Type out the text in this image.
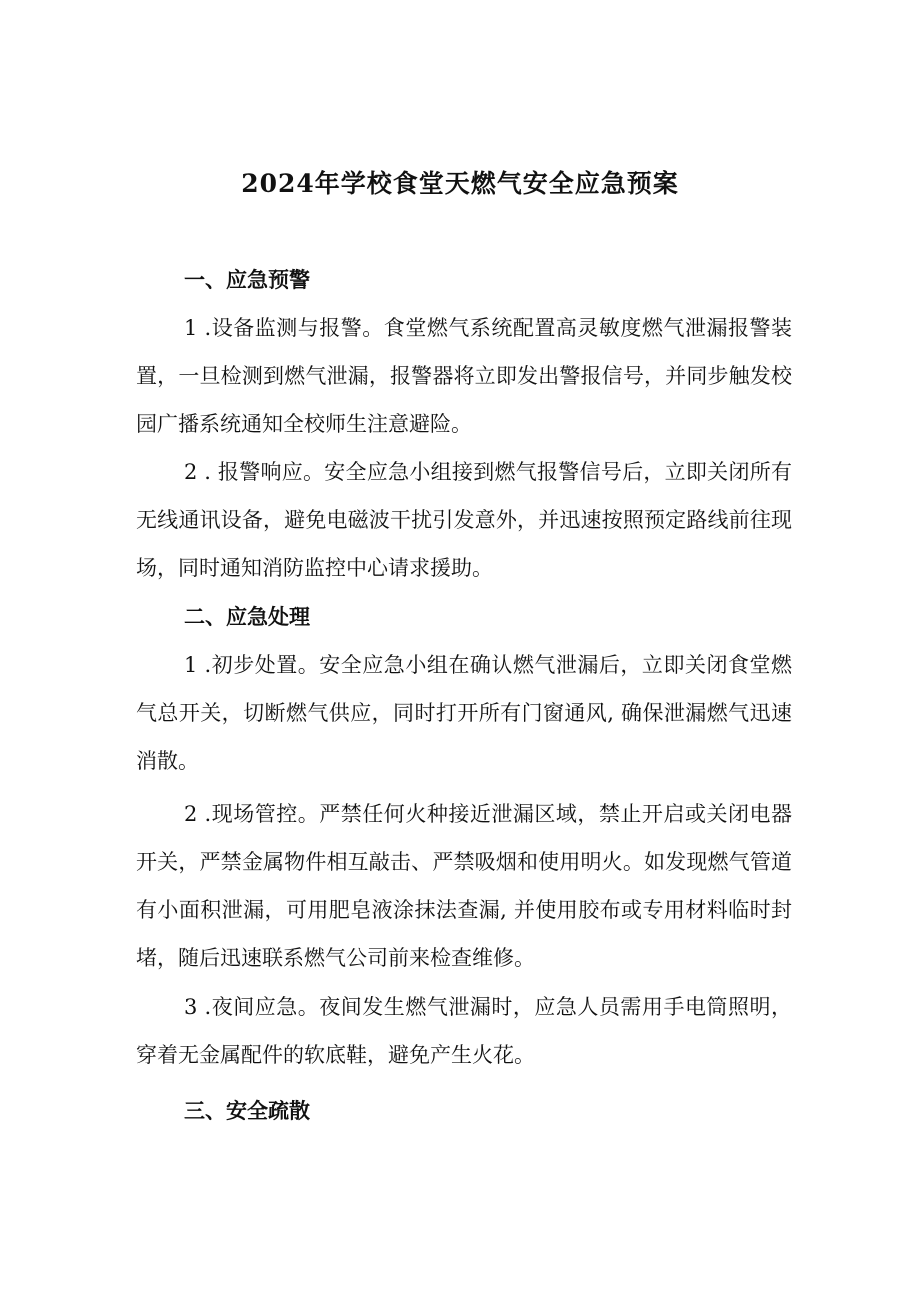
2024年学校食堂天燃气安全应急预案
一、应急预警
1 .设备监测与报警。食堂燃气系统配置高灵敏度燃气泄漏报警装置，一旦检测到燃气泄漏，报警器将立即发出警报信号，并同步触发校园广播系统通知全校师生注意避险。
2 . 报警响应。安全应急小组接到燃气报警信号后，立即关闭所有无线通讯设备，避免电磁波干扰引发意外，并迅速按照预定路线前往现场，同时通知消防监控中心请求援助。
二、应急处理
1 .初步处置。安全应急小组在确认燃气泄漏后，立即关闭食堂燃气总开关，切断燃气供应，同时打开所有门窗通风, 确保泄漏燃气迅速消散。
2 .现场管控。严禁任何火种接近泄漏区域，禁止开启或关闭电器开关，严禁金属物件相互敲击、严禁吸烟和使用明火。如发现燃气管道有小面积泄漏，可用肥皂液涂抹法查漏, 并使用胶布或专用材料临时封堵，随后迅速联系燃气公司前来检查维修。
3 .夜间应急。夜间发生燃气泄漏时，应急人员需用手电筒照明，穿着无金属配件的软底鞋，避免产生火花。
三、安全疏散
